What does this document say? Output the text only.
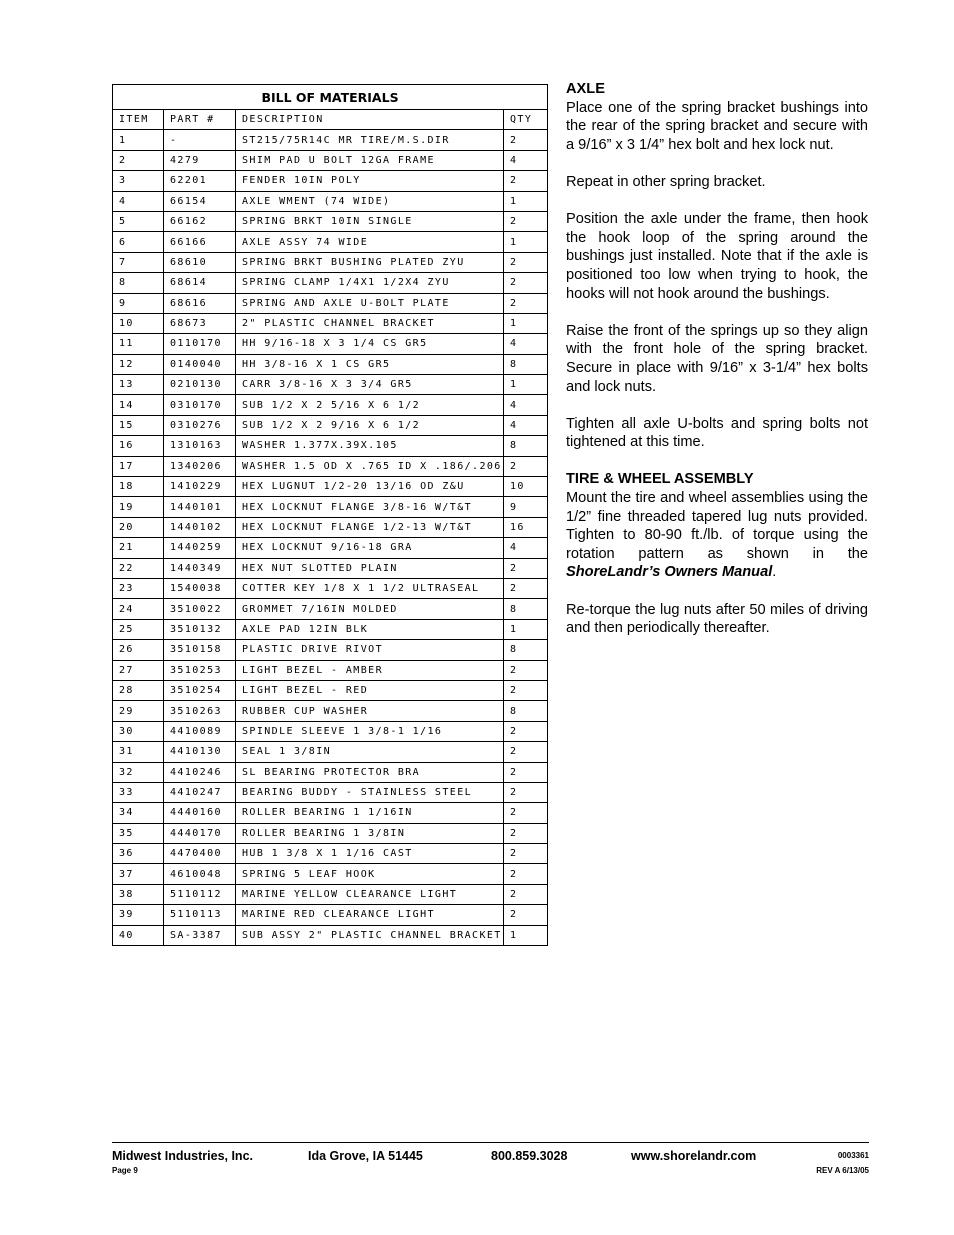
BILL OF MATERIALS			
ITEM	PART #	DESCRIPTION	QTY
1	-	ST215/75R14C MR TIRE/M.S.DIR	2
2	4279	SHIM PAD U BOLT 12GA FRAME	4
3	62201	FENDER 10IN POLY	2
4	66154	AXLE WMENT (74 WIDE)	1
5	66162	SPRING BRKT 10IN SINGLE	2
6	66166	AXLE ASSY 74 WIDE	1
7	68610	SPRING BRKT BUSHING PLATED ZYU	2
8	68614	SPRING CLAMP 1/4X1 1/2X4 ZYU	2
9	68616	SPRING AND AXLE U-BOLT PLATE	2
10	68673	2" PLASTIC CHANNEL BRACKET	1
11	0110170	HH 9/16-18 X 3 1/4 CS GR5	4
12	0140040	HH 3/8-16 X 1 CS GR5	8
13	0210130	CARR 3/8-16 X 3 3/4 GR5	1
14	0310170	SUB 1/2 X 2 5/16 X 6 1/2	4
15	0310276	SUB 1/2 X 2 9/16 X 6 1/2	4
16	1310163	WASHER 1.377X.39X.105	8
17	1340206	WASHER 1.5 OD X .765 ID X .186/.206	2
18	1410229	HEX LUGNUT 1/2-20 13/16 OD Z&U	10
19	1440101	HEX LOCKNUT FLANGE 3/8-16 W/T&T	9
20	1440102	HEX LOCKNUT FLANGE 1/2-13 W/T&T	16
21	1440259	HEX LOCKNUT 9/16-18 GRA	4
22	1440349	HEX NUT SLOTTED PLAIN	2
23	1540038	COTTER KEY 1/8 X 1 1/2 ULTRASEAL	2
24	3510022	GROMMET 7/16IN MOLDED	8
25	3510132	AXLE PAD 12IN BLK	1
26	3510158	PLASTIC DRIVE RIVOT	8
27	3510253	LIGHT BEZEL - AMBER	2
28	3510254	LIGHT BEZEL - RED	2
29	3510263	RUBBER CUP WASHER	8
30	4410089	SPINDLE SLEEVE 1 3/8-1 1/16	2
31	4410130	SEAL 1 3/8IN	2
32	4410246	SL BEARING PROTECTOR BRA	2
33	4410247	BEARING BUDDY - STAINLESS STEEL	2
34	4440160	ROLLER BEARING 1 1/16IN	2
35	4440170	ROLLER BEARING 1 3/8IN	2
36	4470400	HUB 1 3/8 X 1 1/16 CAST	2
37	4610048	SPRING 5 LEAF HOOK	2
38	5110112	MARINE YELLOW CLEARANCE LIGHT	2
39	5110113	MARINE RED CLEARANCE LIGHT	2
40	SA-3387	SUB ASSY 2" PLASTIC CHANNEL BRACKET	1
AXLE

Place one of the spring bracket bushings into the rear of the spring bracket and secure with a 9/16” x 3 1/4” hex bolt and hex lock nut.

Repeat in other spring bracket.

Position the axle under the frame, then hook the hook loop of the spring around the bushings just installed. Note that if the axle is positioned too low when trying to hook, the hooks will not hook around the bushings.

Raise the front of the springs up so they align with the front hole of the spring bracket. Secure in place with 9/16” x 3-1/4” hex bolts and lock nuts.

Tighten all axle U-bolts and spring bolts not tightened at this time.

TIRE & WHEEL ASSEMBLY

Mount the tire and wheel assemblies using the 1/2” fine threaded tapered lug nuts provided. Tighten to 80-90 ft./lb. of torque using the rotation pattern as shown in the ShoreLandr’s Owners Manual.

Re-torque the lug nuts after 50 miles of driving and then periodically thereafter.

Midwest Industries, Inc.	Ida Grove, IA 51445	800.859.3028	www.shorelandr.com	0003361
Page 9	REV A 6/13/05
